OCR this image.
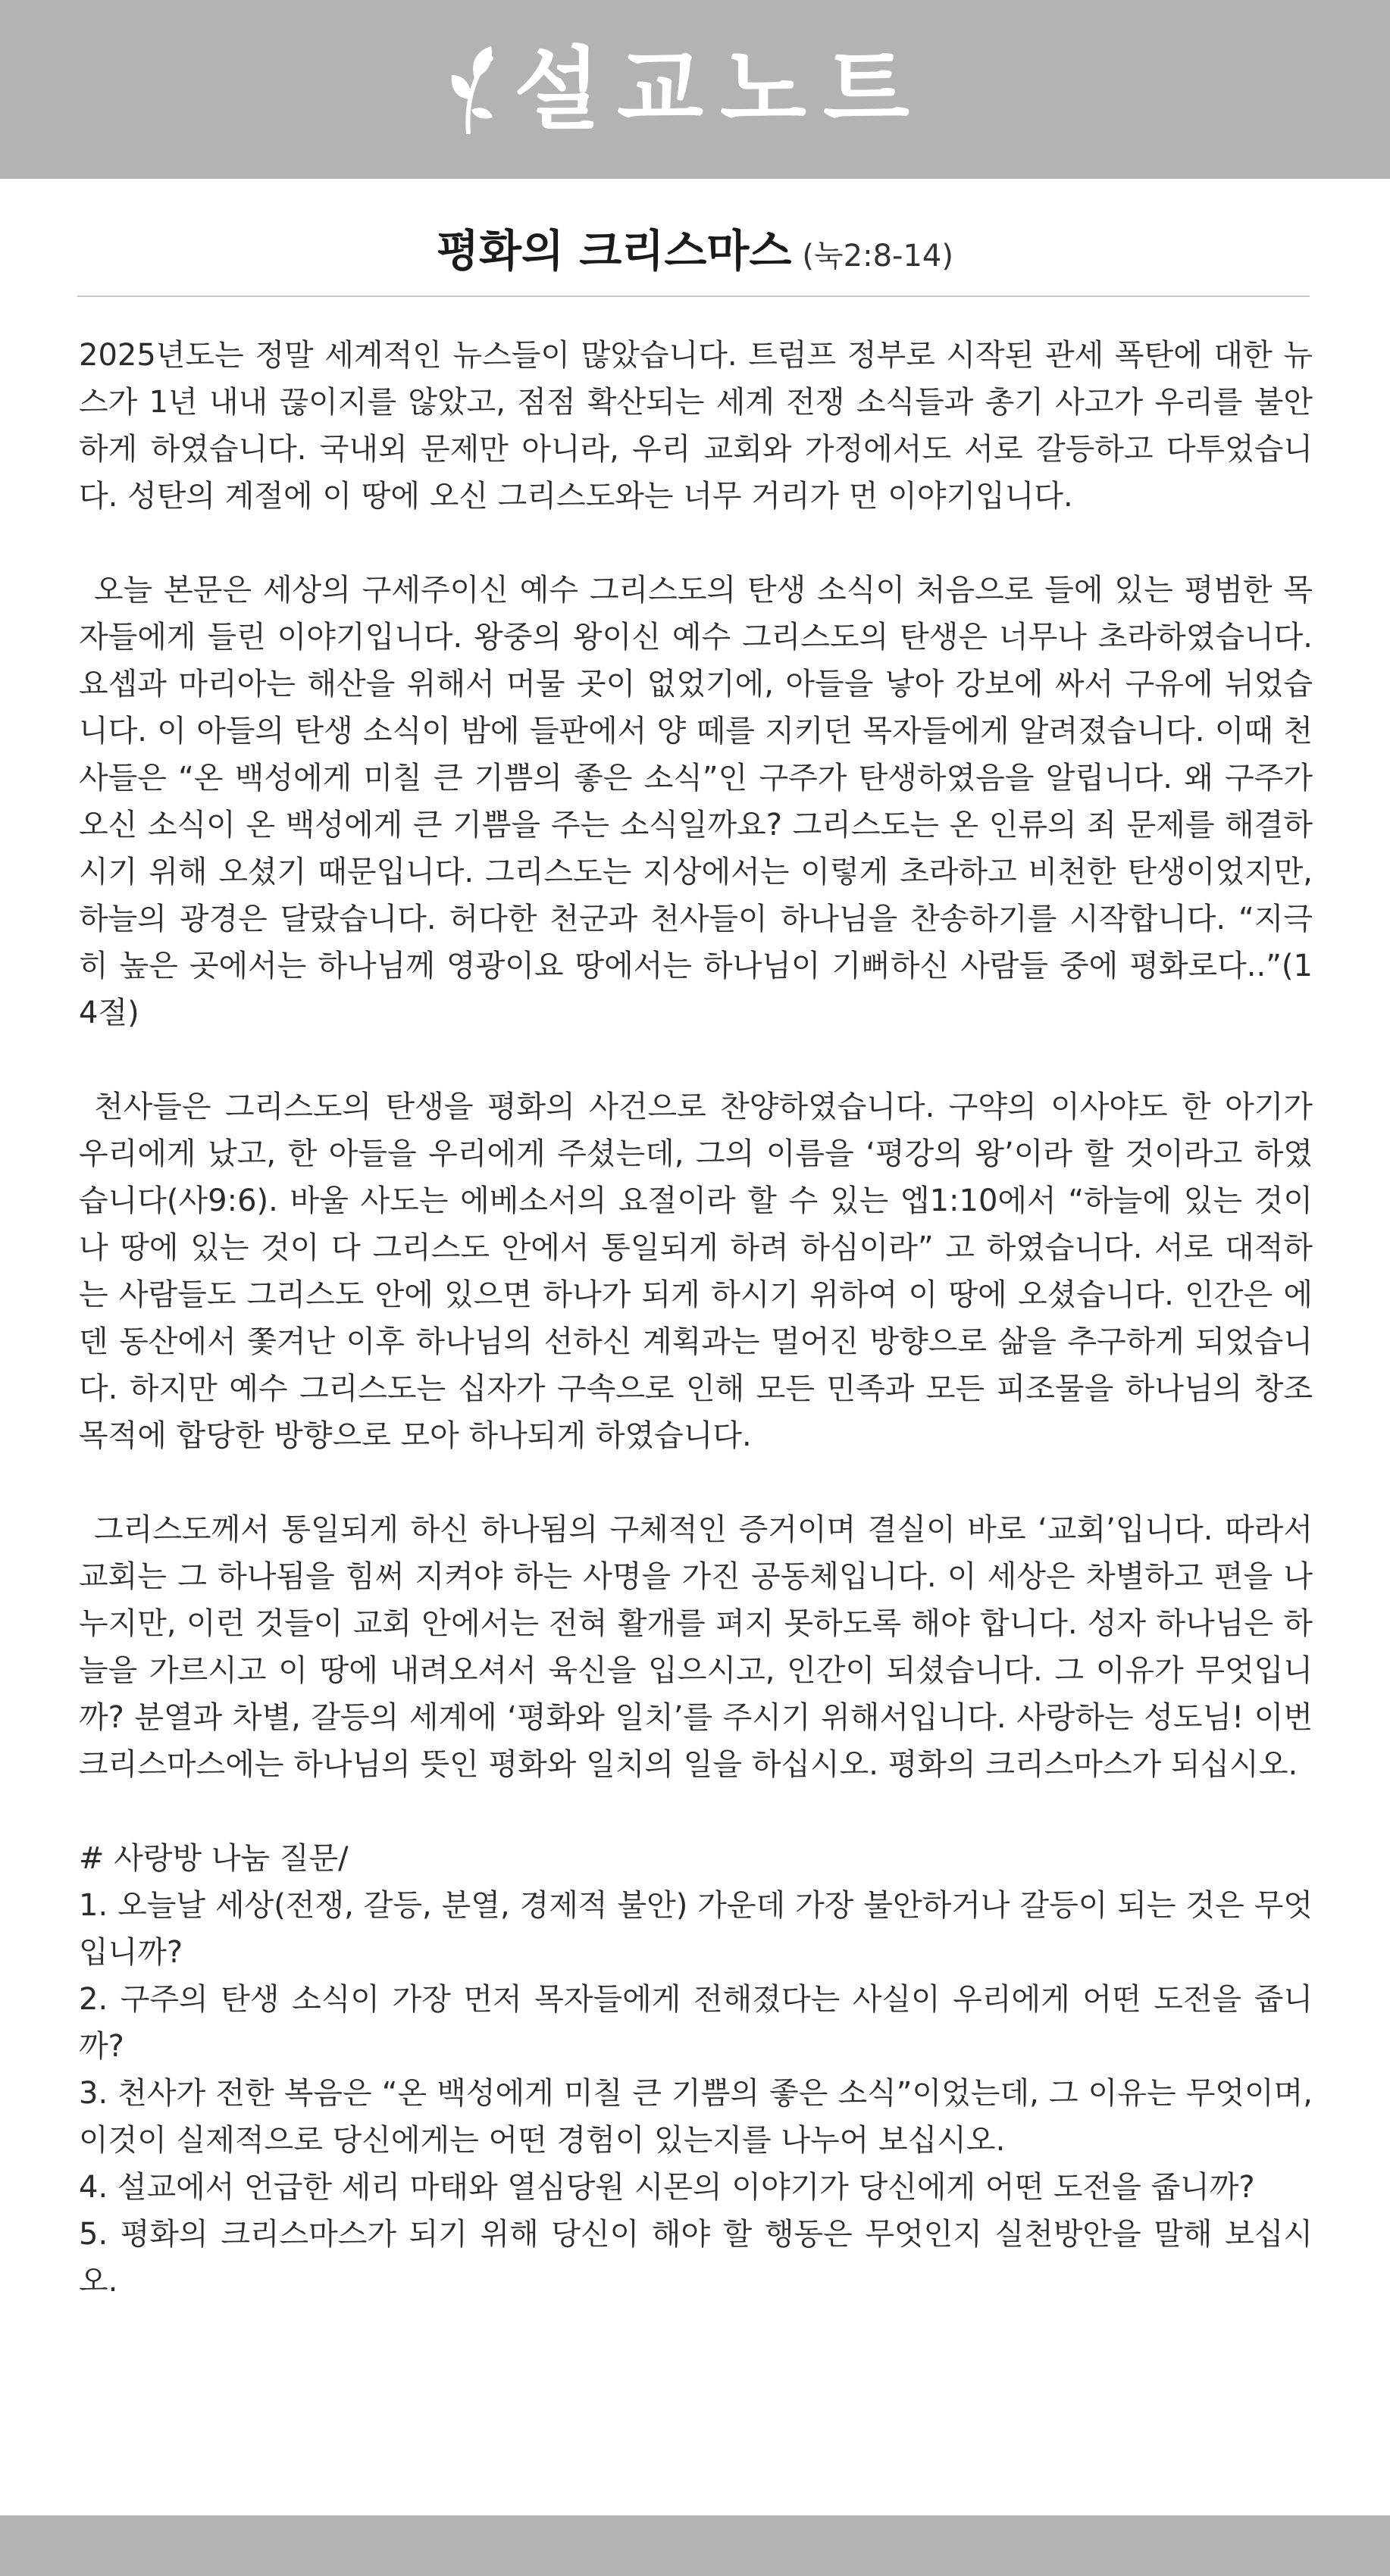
설교노트
평화의 크리스마스 (눅2:8-14)

2025년도는 정말 세계적인 뉴스들이 많았습니다. 트럼프 정부로 시작된 관세 폭탄에 대한 뉴스가 1년 내내 끊이지를 않았고, 점점 확산되는 세계 전쟁 소식들과 총기 사고가 우리를 불안하게 하였습니다. 국내외 문제만 아니라, 우리 교회와 가정에서도 서로 갈등하고 다투었습니다. 성탄의 계절에 이 땅에 오신 그리스도와는 너무 거리가 먼 이야기입니다.

오늘 본문은 세상의 구세주이신 예수 그리스도의 탄생 소식이 처음으로 들에 있는 평범한 목자들에게 들린 이야기입니다. 왕중의 왕이신 예수 그리스도의 탄생은 너무나 초라하였습니다. 요셉과 마리아는 해산을 위해서 머물 곳이 없었기에, 아들을 낳아 강보에 싸서 구유에 뉘었습니다. 이 아들의 탄생 소식이 밤에 들판에서 양 떼를 지키던 목자들에게 알려졌습니다. 이때 천사들은 “온 백성에게 미칠 큰 기쁨의 좋은 소식”인 구주가 탄생하였음을 알립니다. 왜 구주가 오신 소식이 온 백성에게 큰 기쁨을 주는 소식일까요? 그리스도는 온 인류의 죄 문제를 해결하시기 위해 오셨기 때문입니다. 그리스도는 지상에서는 이렇게 초라하고 비천한 탄생이었지만, 하늘의 광경은 달랐습니다. 허다한 천군과 천사들이 하나님을 찬송하기를 시작합니다. “지극히 높은 곳에서는 하나님께 영광이요 땅에서는 하나님이 기뻐하신 사람들 중에 평화로다..”(14절)

천사들은 그리스도의 탄생을 평화의 사건으로 찬양하였습니다. 구약의 이사야도 한 아기가 우리에게 났고, 한 아들을 우리에게 주셨는데, 그의 이름을 ‘평강의 왕’이라 할 것이라고 하였습니다(사9:6). 바울 사도는 에베소서의 요절이라 할 수 있는 엡1:10에서 “하늘에 있는 것이나 땅에 있는 것이 다 그리스도 안에서 통일되게 하려 하심이라” 고 하였습니다. 서로 대적하는 사람들도 그리스도 안에 있으면 하나가 되게 하시기 위하여 이 땅에 오셨습니다. 인간은 에덴 동산에서 쫓겨난 이후 하나님의 선하신 계획과는 멀어진 방향으로 삶을 추구하게 되었습니다. 하지만 예수 그리스도는 십자가 구속으로 인해 모든 민족과 모든 피조물을 하나님의 창조 목적에 합당한 방향으로 모아 하나되게 하였습니다.

그리스도께서 통일되게 하신 하나됨의 구체적인 증거이며 결실이 바로 ‘교회’입니다. 따라서 교회는 그 하나됨을 힘써 지켜야 하는 사명을 가진 공동체입니다. 이 세상은 차별하고 편을 나누지만, 이런 것들이 교회 안에서는 전혀 활개를 펴지 못하도록 해야 합니다. 성자 하나님은 하늘을 가르시고 이 땅에 내려오셔서 육신을 입으시고, 인간이 되셨습니다. 그 이유가 무엇입니까? 분열과 차별, 갈등의 세계에 ‘평화와 일치’를 주시기 위해서입니다. 사랑하는 성도님! 이번 크리스마스에는 하나님의 뜻인 평화와 일치의 일을 하십시오. 평화의 크리스마스가 되십시오.

# 사랑방 나눔 질문/
1. 오늘날 세상(전쟁, 갈등, 분열, 경제적 불안) 가운데 가장 불안하거나 갈등이 되는 것은 무엇입니까?
2. 구주의 탄생 소식이 가장 먼저 목자들에게 전해졌다는 사실이 우리에게 어떤 도전을 줍니까?
3. 천사가 전한 복음은 “온 백성에게 미칠 큰 기쁨의 좋은 소식”이었는데, 그 이유는 무엇이며, 이것이 실제적으로 당신에게는 어떤 경험이 있는지를 나누어 보십시오.
4. 설교에서 언급한 세리 마태와 열심당원 시몬의 이야기가 당신에게 어떤 도전을 줍니까?
5. 평화의 크리스마스가 되기 위해 당신이 해야 할 행동은 무엇인지 실천방안을 말해 보십시오.
